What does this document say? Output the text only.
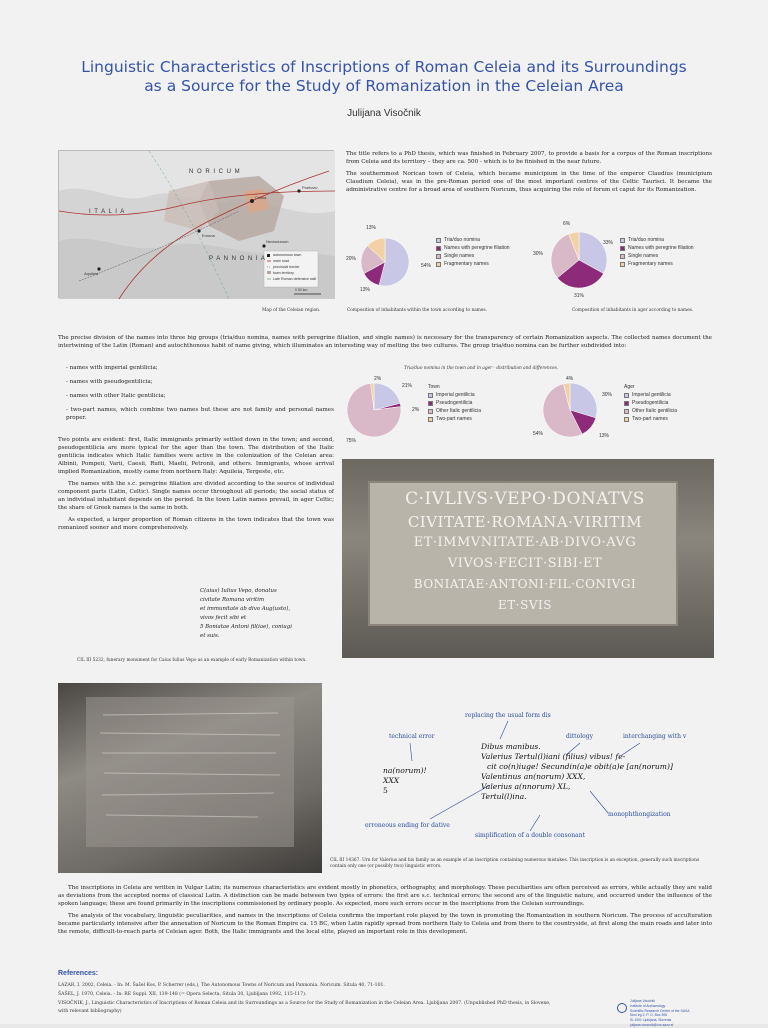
Linguistic Characteristics of Inscriptions of Roman Celeia and its Surroundings
as a Source for the Study of Romanization in the Celeian Area
Julijana Visočnik
N O R I C U M
I T A L I A
P A N N O N I A
Celeia
Poetovio
Emona
Aquileia
Neviodunum
autonomous town
main road
provincial border
town territory
Late Roman defensive wall
0 50 km
Map of the Celeian region.

The title refers to a PhD thesis, which was finished in February 2007, to provide a basis for a corpus of the Roman inscriptions from Celeia and its territory – they are ca. 500 - which is to be finished in the near future.

The southernmost Norican town of Celeia, which became municipium in the time of the emperor Claudius (municipium Claudium Celeia), was in the pre-Roman period one of the most important centres of the Celtic Taurisci. It became the administrative centre for a broad area of southern Noricum, thus acquiring the role of forum et caput for its Romanization.

13%
20%
13%
54%
Tria/duo nomina
Names with peregrine filiation
Single names
Fragmentary names
Composition of inhabitants within the town according to names.
6%
30%
31%
33%	Tria/duo nomina
Names with peregrine filiation
Single names
Fragmentary names
Composition of inhabitants in ager according to names.
The precise division of the names into three big groups (tria/duo nomina, names with peregrine filiation, and single names) is necessary for the transparency of certain Romanization aspects. The collected names document the intertwining of the Latin (Roman) and autochthonous habit of name giving, which illuminates an interesting way of melting the two cultures. The group tria/duo nomina can be further subdivided into:
- names with imperial gentilicia;
- names with pseudogentilicia;
- names with other Italic gentilicia;
- two-part names, which combine two names but these are not family and personal names proper.

Two points are evident: first, Italic immigrants primarily settled down in the town; and second, pseudogentilicia are more typical for the ager than the town. The distribution of the Italic gentilicia indicates which Italic families were active in the colonization of the Celeian area: Albinii, Pompeii, Varii, Caesii, Rufii, Maelii, Petronii, and others. Immigrants, whose arrival implied Romanization, mostly came from northern Italy: Aquileia, Tergeste, etc.

The names with the s.c. peregrine filiation are divided according to the source of individual component parts (Latin, Celtic). Single names occur throughout all periods; the social status of an individual inhabitant depends on the period. In the town Latin names prevail, in ager Celtic; the share of Greek names is the same in both.

As expected, a larger proportion of Roman citizens in the town indicates that the town was romanized sooner and more comprehensively.

Tria/duo nomina in the town and in ager - distribution and differences.
2%
21%
2%
75%
Town
Imperial gentilicia
Pseudogentilicia
Other Italic gentilicia
Two-part names
4%
30%
13%
54%
Ager
Imperial gentilicia
Pseudogentilicia
Other Italic gentilicia
Two-part names
C·IVLIVS·VEPO·DONATVS
CIVITATE·ROMANA·VIRITIM
ET·IMMVNITATE·AB·DIVO·AVG
VIVOS·FECIT·SIBI·ET
BONIATAE·ANTONI·FIL·CONIVGI
ET·SVIS
C(aius) Iulius Vepo, donatus
civitate Romana viritim
et immunitate ab divo Aug(usto),
vivos fecit sibi et
5 Boniatae Antoni fil(iae), coniugi
et suis.
CIL III 5232, funerary monument for Caius Iulius Vepo as an example of early Romanization within town.
replacing the usual form dis
technical error	dittology	interchanging with v
erroneous ending for dative
simplification of a double consonant
monophthongization
na(norum)!
XXX
5
Dibus manibus.
Valerius Tertul(l)iani (filius) vibus! fe-
cit co(n)iuge! Secundin(a)e obit(a)e [an(norum)]
Valentinus an(norum) XXX,
Valerius a(nnorum) XL,
Tertul(l)ina.
CIL III 14367. Urn for Valerius and his family as an example of an inscription containing numerous mistakes. This inscription is an exception, generally such inscriptions contain only one (or possibly two) linguistic errors.

The inscriptions in Celeia are written in Vulgar Latin; its numerous characteristics are evident mostly in phonetics, orthography, and morphology. These peculiarities are often perceived as errors, while actually they are valid as deviations from the accepted norms of classical Latin. A distinction can be made between two types of errors: the first are s.c. technical errors; the second are of the linguistic nature, and occurred under the influence of the spoken language; these are found primarily in the inscriptions commissioned by ordinary people. As expected, more such errors occur in the inscriptions from the Celeian surroundings.

The analysis of the vocabulary, linguistic peculiarities, and names in the inscriptions of Celeia confirms the important role played by the town in promoting the Romanization in southern Noricum. The process of acculturation became particularly intensive after the annexation of Noricum to the Roman Empire ca. 15 BC, when Latin rapidly spread from northern Italy to Celeia and from there to the countryside, at first along the main roads and later into the remote, difficult-to-reach parts of Celeian ager. Both, the Italic immigrants and the local elite, played an important role in this development.

References:
LAZAR, I. 2002, Celeia. - In: M. Šašel Kos, P. Scherrer (eds.), The Autonomous Towns of Noricum and Pannonia. Noricum. Situla 40, 71-101.
ŠAŠEL, J. 1970, Celeia. - In: RE Suppl. XII, 139-148 (= Opera Selecta, Situla 30, Ljubljana 1992, 115-117).
VISOČNIK, J., Linguistic Characteristics of Inscriptions of Roman Celeia and its Surroundings as a Source for the Study of Romanization in the Celeian Area. Ljubljana 2007. (Unpublished PhD thesis, in Slovene,
with relevant bibliography)
Julijana Visočnik
Institute of Archaeology
Scientific Research Centre of the SASA
Novi trg 2, P. O. Box 306
SI-1001 Ljubljana, Slovenia
julijana.visocnik@zrc-sazu.si
